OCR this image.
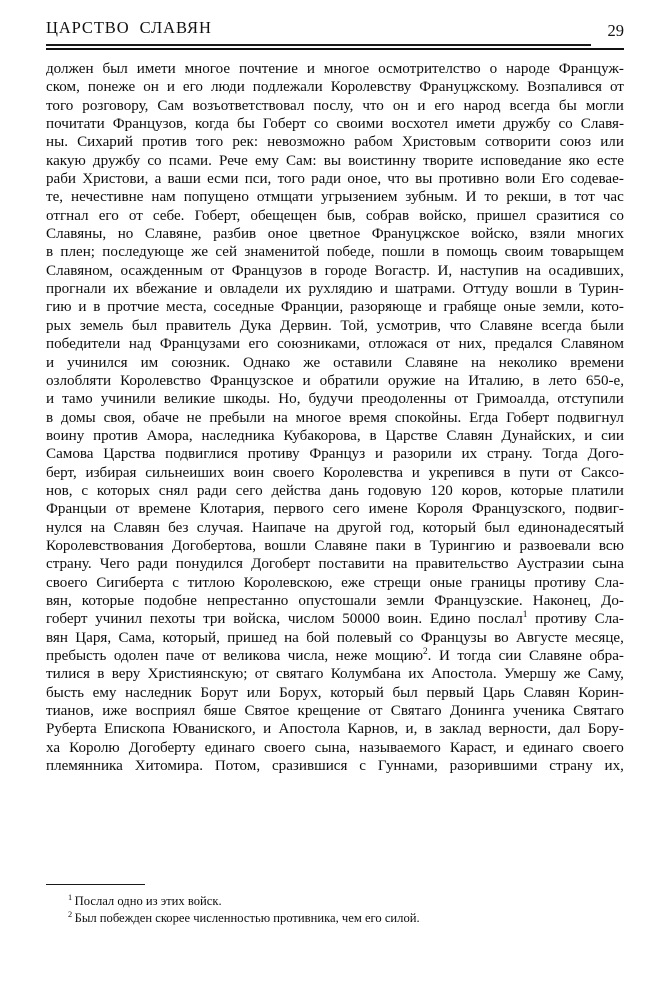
ЦАРСТВО  СЛАВЯН	29
должен был имети многое почтение и многое осмотрителство о народе Француж-
ском, понеже он и его люди подлежали Королевству Франуцжскому. Возпалився от
того розговору, Сам возъответствовал послу, что он и его народ всегда бы могли
почитати Французов, когда бы Гоберт со своими восхотел имети дружбу со Славя-
ны. Сихарий против того рек: невозможно рабом Христовым сотворити союз или
какую дружбу со псами. Рече ему Сам: вы воистинну творите исповедание яко есте
раби Христови, а ваши есми пси, того ради оное, что вы противно воли Его содевае-
те, нечестивне нам попущено отмщати угрызением зубным. И то рекши, в тот час
отгнал его от себе. Гоберт, обещещен быв, собрав войско, пришел сразитися со
Славяны, но Славяне, разбив оное цветное Франуцжское войско, взяли многих
в плен; последующе же сей знаменитой победе, пошли в помощь своим товарыщем
Славяном, осажденным от Французов в городе Вогастр. И, наступив на осадивших,
прогнали их вбежание и овладели их рухлядию и шатрами. Оттуду вошли в Турин-
гию и в протчие места, соседные Франции, разоряюще и грабяще оные земли, кото-
рых земель был правитель Дука Дервин. Той, усмотрив, что Славяне всегда были
победители над Французами его союзниками, отложася от них, предался Славяном
и учинился им союзник. Однако же оставили Славяне на неколико времени
озлобляти Королевство Французское и обратили оружие на Италию, в лето 650-е,
и тамо учинили великие шкоды. Но, будучи преодоленны от Гримоалда, отступили
в домы своя, обаче не пребыли на многое время спокойны. Егда Гоберт подвигнул
воину против Амора, наследника Кубакорова, в Царстве Славян Дунайских, и сии
Самова Царства подвиглися противу Француз и разорили их страну. Тогда Дого-
берт, избирая сильнеиших воин своего Королевства и укрепився в пути от Саксо-
нов, с которых снял ради сего действа дань годовую 120 коров, которые платили
Францыи от времене Клотария, первого сего имене Короля Французского, подвиг-
нулся на Славян без случая. Наипаче на другой год, который был единонадесятый
Королевствования Догобертова, вошли Славяне паки в Турингию и развоевали всю
страну. Чего ради понудился Догоберт поставити на правительство Аустразии сына
своего Сигиберта с титлою Королевскою, еже стрещи оные границы противу Сла-
вян, которые подобне непрестанно опустошали земли Французские. Наконец, До-
гоберт учинил пехоты три войска, числом 50000 воин. Едино послал$^1$ противу Сла-
вян Царя, Сама, который, пришед на бой полевый со Французы во Августе месяце,
пребысть одолен паче от великова числа, неже мощию$^2$. И тогда сии Славяне обра-
тилися в веру Християнскую; от святаго Колумбана их Апостола. Умершу же Саму,
бысть ему наследник Борут или Борух, который был первый Царь Славян Корин-
тианов, иже восприял бяше Святое крещение от Святаго Донинга ученика Святаго
Руберта Епископа Юваниского, и Апостола Карнов, и, в заклад верности, дал Бору-
ха Королю Догоберту единаго своего сына, называемого Караст, и единаго своего
племянника Хитомира. Потом, сразившися с Гуннами, разорившими страну их,
$^1$ Послал одно из этих войск.
$^2$ Был побежден скорее численностью противника, чем его силой.
